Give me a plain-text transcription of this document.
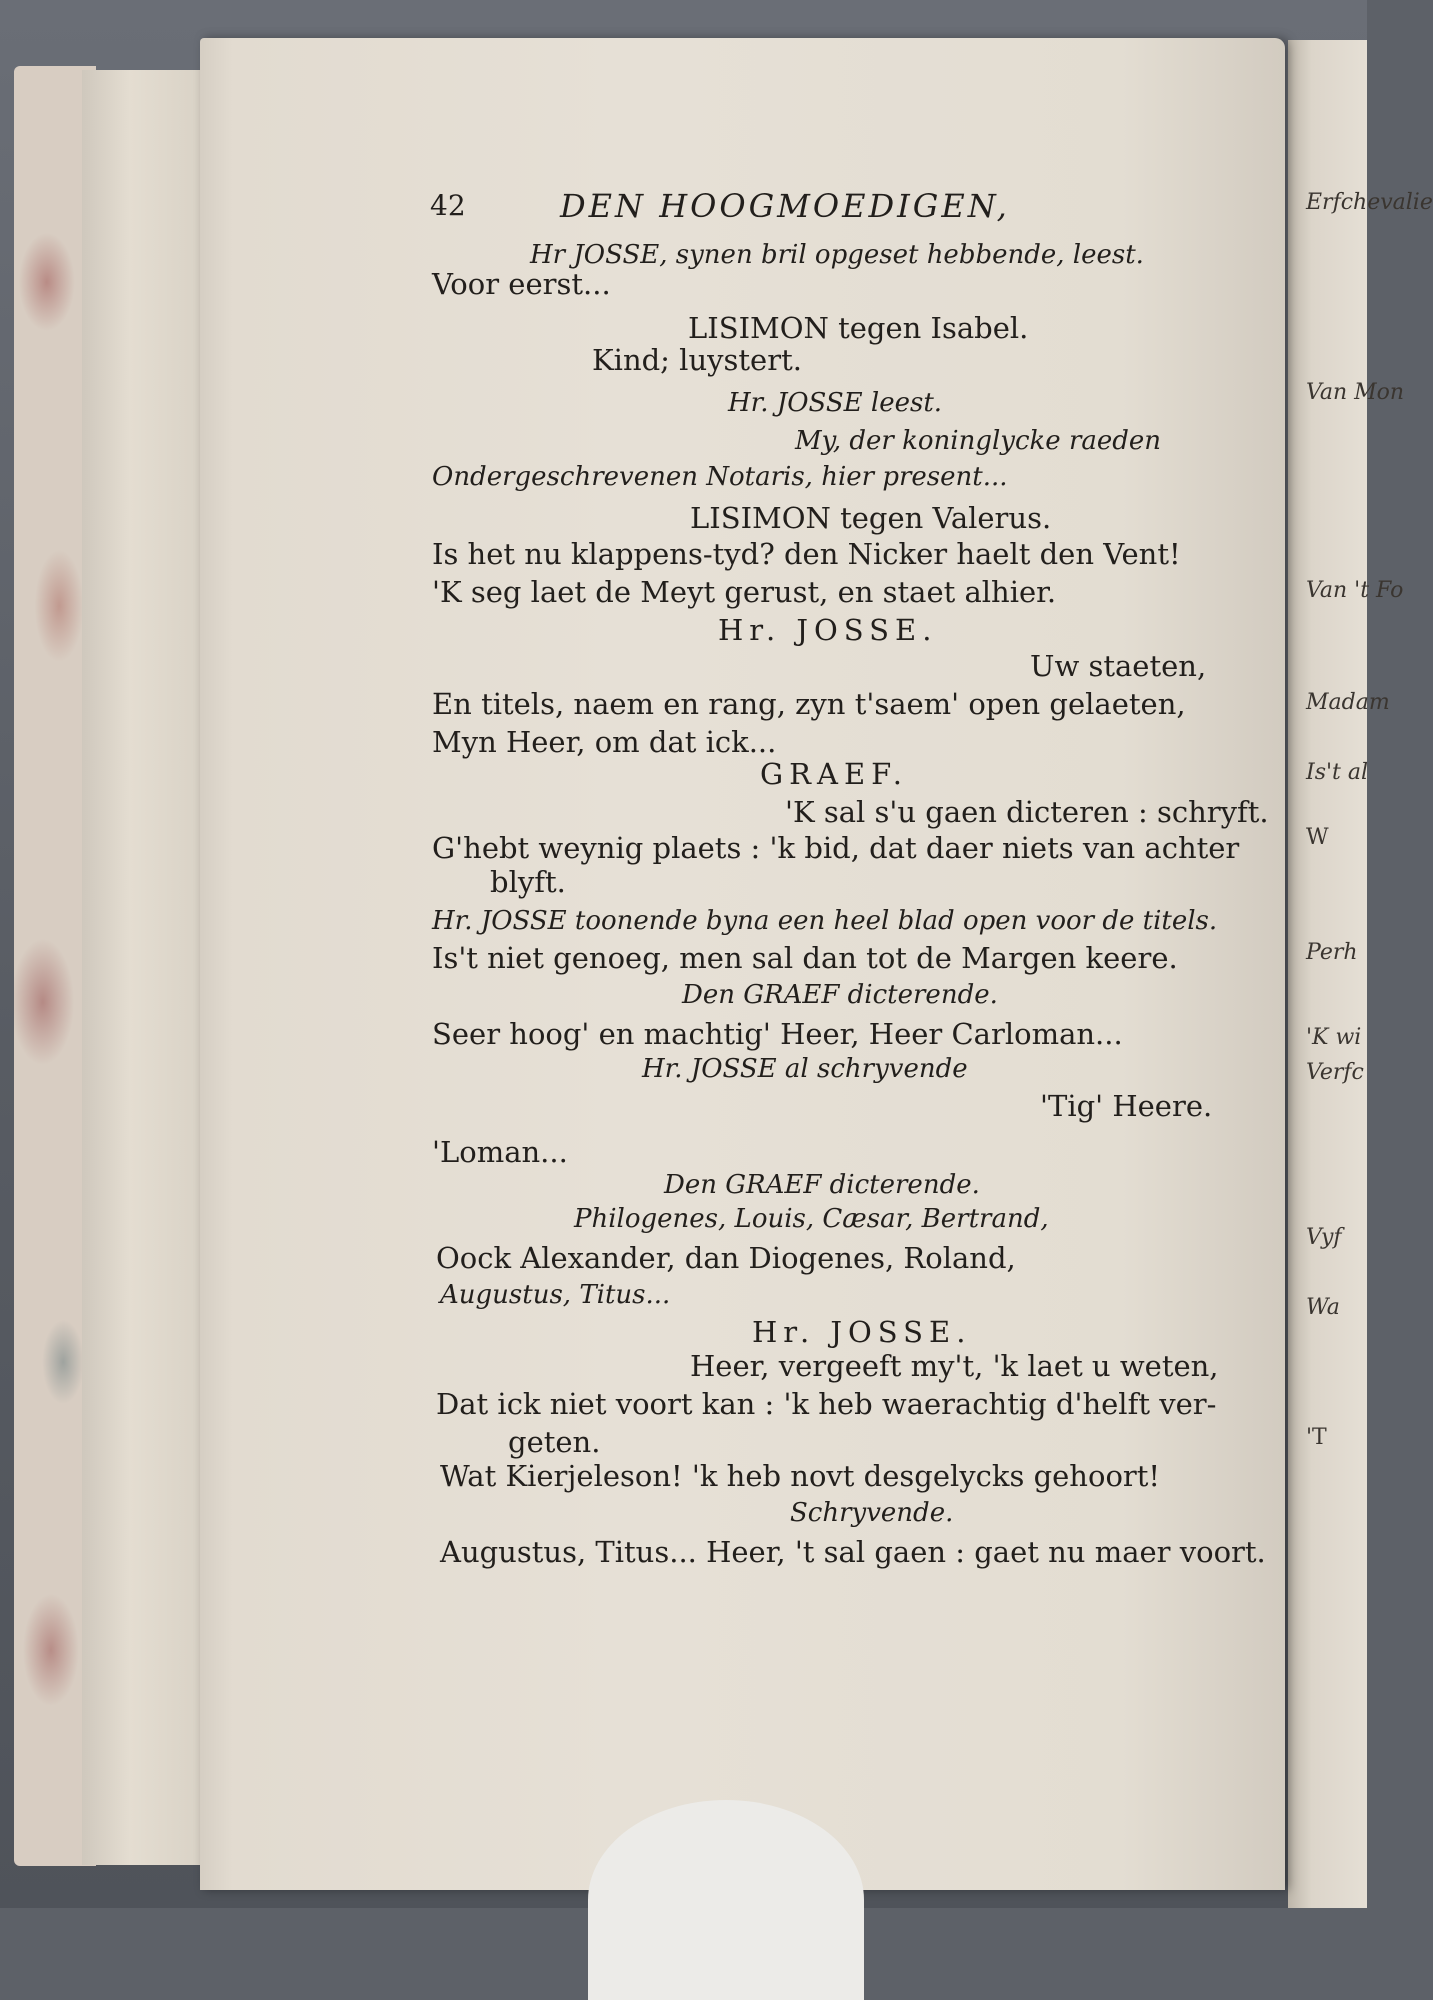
Erfchevalie
Van Mon
Van 't Fo
Madam
Is't al
W
Perh
'K wi
Verfc
Vyf
Wa
'T
42	DEN HOOGMOEDIGEN,
Hr JOSSE, synen bril opgeset hebbende, leest.
Voor eerst...
LISIMON tegen Isabel.
Kind; luystert.
Hr. JOSSE leest.
My, der koninglycke raeden
Ondergeschrevenen Notaris, hier present...
LISIMON tegen Valerus.
Is het nu klappens-tyd? den Nicker haelt den Vent!
'K seg laet de Meyt gerust, en staet alhier.
Hr. JOSSE.
Uw staeten,
En titels, naem en rang, zyn t'saem' open gelaeten,
Myn Heer, om dat ick...
GRAEF.
'K sal s'u gaen dicteren : schryft.
G'hebt weynig plaets : 'k bid, dat daer niets van achter
blyft.
Hr. JOSSE toonende byna een heel blad open voor de titels.
Is't niet genoeg, men sal dan tot de Margen keere.
Den GRAEF dicterende.
Seer hoog' en machtig' Heer, Heer Carloman...
Hr. JOSSE al schryvende
'Tig' Heere.
'Loman...
Den GRAEF dicterende.
Philogenes, Louis, Cæsar, Bertrand,
Oock Alexander, dan Diogenes, Roland,
Augustus, Titus...
Hr. JOSSE.
Heer, vergeeft my't, 'k laet u weten,
Dat ick niet voort kan : 'k heb waerachtig d'helft ver-
geten.
Wat Kierjeleson! 'k heb novt desgelycks gehoort!
Schryvende.
Augustus, Titus... Heer, 't sal gaen : gaet nu maer voort.
